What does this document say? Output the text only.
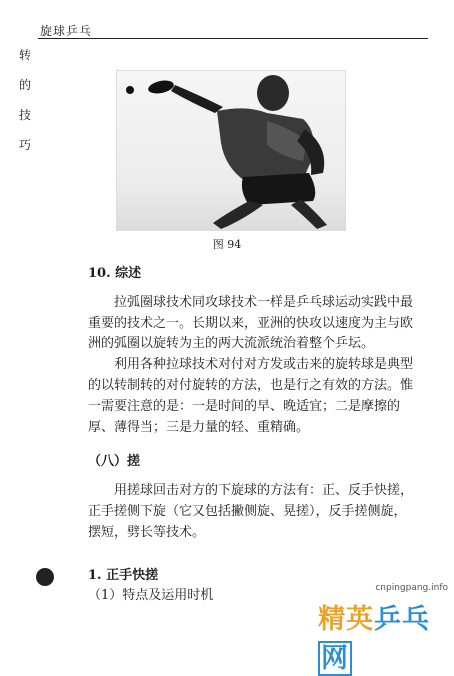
旋球乒乓
转
的
技
巧
图 94

10. 综述

拉弧圈球技术同攻球技术一样是乒乓球运动实践中最重要的技术之一。长期以来，亚洲的快攻以速度为主与欧洲的弧圈以旋转为主的两大流派统治着整个乒坛。

利用各种拉球技术对付对方发或击来的旋转球是典型的以转制转的对付旋转的方法，也是行之有效的方法。惟一需要注意的是：一是时间的早、晚适宜；二是摩擦的厚、薄得当；三是力量的轻、重精确。

（八）搓

用搓球回击对方的下旋球的方法有：正、反手快搓，正手搓侧下旋（它又包括撇侧旋、晃搓），反手搓侧旋，摆短，劈长等技术。

1. 正手快搓

（1）特点及运用时机

cnpingpang.info
精英乒乓网
